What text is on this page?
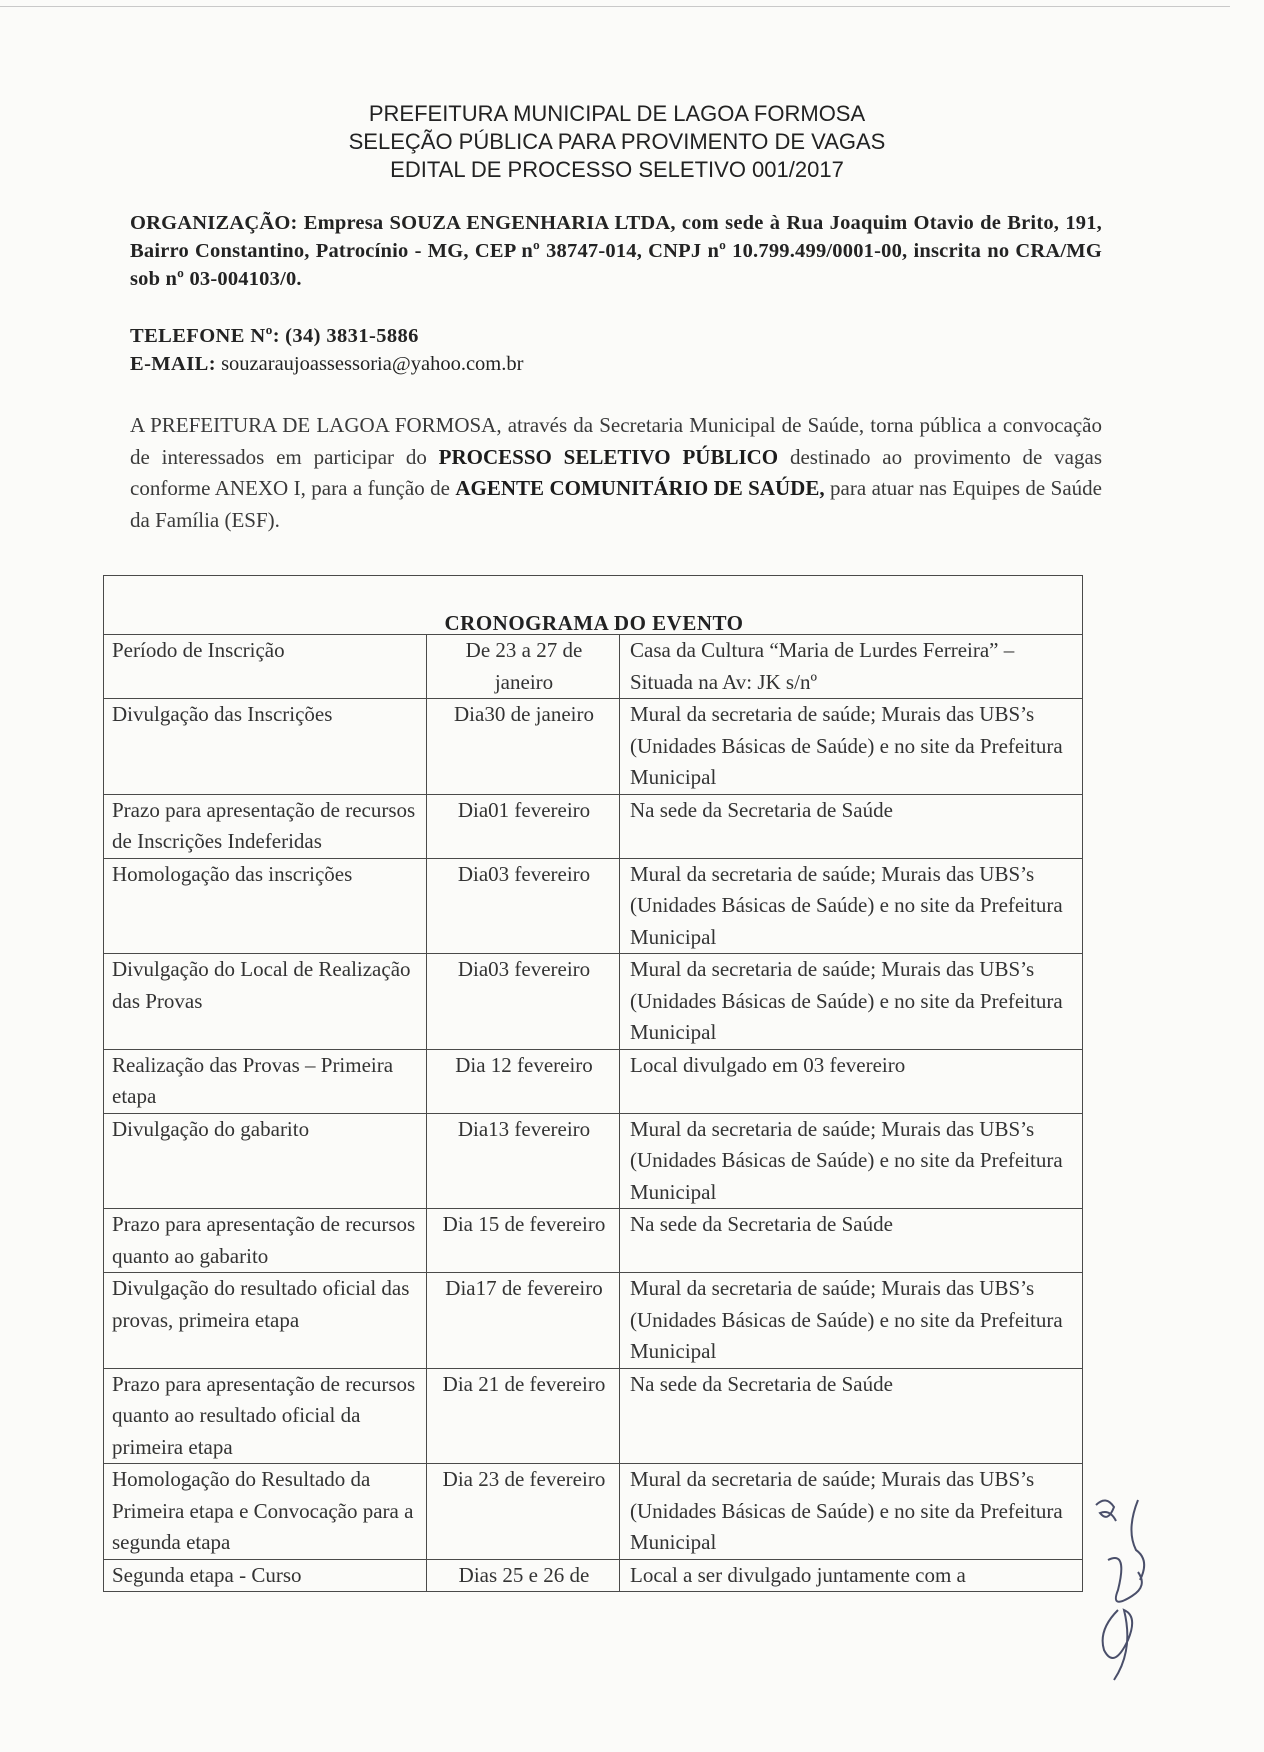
PREFEITURA MUNICIPAL DE LAGOA FORMOSA
SELEÇÃO PÚBLICA PARA PROVIMENTO DE VAGAS
EDITAL DE PROCESSO SELETIVO 001/2017
ORGANIZAÇÃO: Empresa SOUZA ENGENHARIA LTDA, com sede à Rua Joaquim Otavio de Brito, 191, Bairro Constantino, Patrocínio - MG, CEP nº 38747-014, CNPJ nº 10.799.499/0001-00, inscrita no CRA/MG sob nº 03-004103/0.
TELEFONE Nº: (34) 3831-5886
E-MAIL: souzaraujoassessoria@yahoo.com.br
A PREFEITURA DE LAGOA FORMOSA, através da Secretaria Municipal de Saúde, torna pública a convocação de interessados em participar do PROCESSO SELETIVO PÚBLICO destinado ao provimento de vagas conforme ANEXO I, para a função de AGENTE COMUNITÁRIO DE SAÚDE, para atuar nas Equipes de Saúde da Família (ESF).
CRONOGRAMA DO EVENTO		
Período de Inscrição	De 23 a 27 de janeiro	Casa da Cultura “Maria de Lurdes Ferreira” – Situada na Av: JK s/nº
Divulgação das Inscrições	Dia30 de janeiro	Mural da secretaria de saúde; Murais das UBS’s (Unidades Básicas de Saúde) e no site da Prefeitura Municipal
Prazo para apresentação de recursos de Inscrições Indeferidas	Dia01 fevereiro	Na sede da Secretaria de Saúde
Homologação das inscrições	Dia03 fevereiro	Mural da secretaria de saúde; Murais das UBS’s (Unidades Básicas de Saúde) e no site da Prefeitura Municipal
Divulgação do Local de Realização das Provas	Dia03 fevereiro	Mural da secretaria de saúde; Murais das UBS’s (Unidades Básicas de Saúde) e no site da Prefeitura Municipal
Realização das Provas – Primeira etapa	Dia 12 fevereiro	Local divulgado em 03 fevereiro
Divulgação do gabarito	Dia13 fevereiro	Mural da secretaria de saúde; Murais das UBS’s (Unidades Básicas de Saúde) e no site da Prefeitura Municipal
Prazo para apresentação de recursos quanto ao gabarito	Dia 15 de fevereiro	Na sede da Secretaria de Saúde
Divulgação do resultado oficial das provas, primeira etapa	Dia17 de fevereiro	Mural da secretaria de saúde; Murais das UBS’s (Unidades Básicas de Saúde) e no site da Prefeitura Municipal
Prazo para apresentação de recursos quanto ao resultado oficial da primeira etapa	Dia 21 de fevereiro	Na sede da Secretaria de Saúde
Homologação do Resultado da Primeira etapa e Convocação para a segunda etapa	Dia 23 de fevereiro	Mural da secretaria de saúde; Murais das UBS’s (Unidades Básicas de Saúde) e no site da Prefeitura Municipal
Segunda etapa - Curso	Dias 25 e 26 de	Local a ser divulgado juntamente com a
